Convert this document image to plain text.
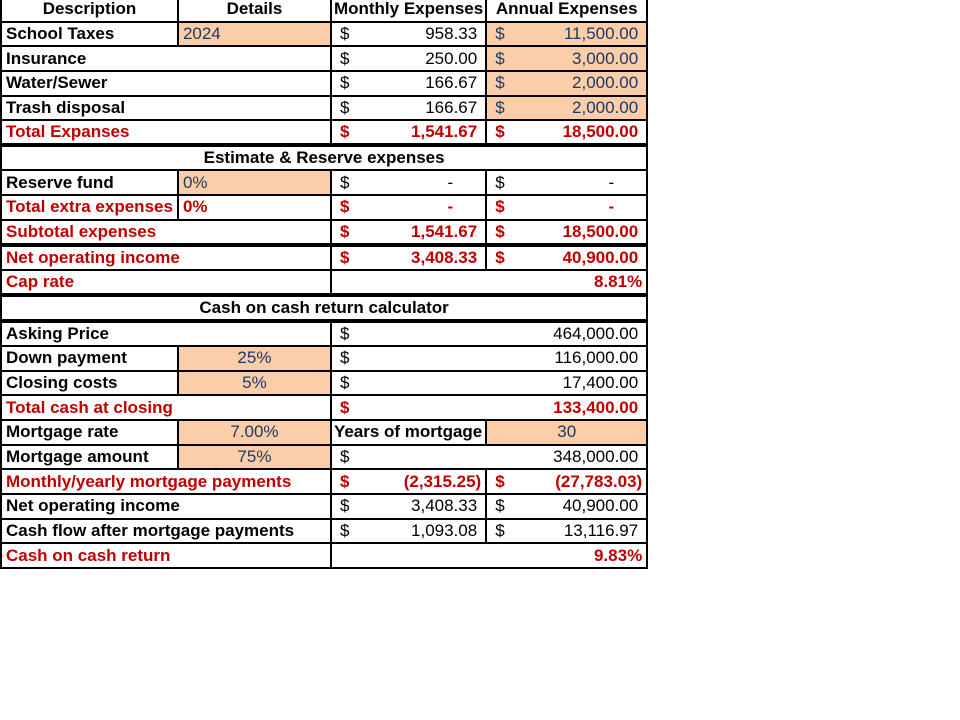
Description	Details	Monthly Expenses	Annual Expenses
School Taxes	2024	$ 958.33	$ 11,500.00

Insurance		$ 250.00	$ 3,000.00

Water/Sewer		$ 166.67	$ 2,000.00

Trash disposal		$ 166.67	$ 2,000.00

Total Expanses		$ 1,541.67	$ 18,500.00

Estimate & Reserve expenses			
Reserve fund	0%	$ -	$ -

Total extra expenses	0%	$ -	$ -

Subtotal expenses		$ 1,541.67	$ 18,500.00

Net operating income		$ 3,408.33	$ 40,900.00

Cap rate		8.81%	
Cash on cash return calculator			
Asking Price		$ 464,000.00	

Down payment	25%	$ 116,000.00	

Closing costs	5%	$ 17,400.00	

Total cash at closing		$ 133,400.00	

Mortgage rate	7.00%	Years of mortgage	30
Mortgage amount	75%	$ 348,000.00	

Monthly/yearly mortgage payments		$ (2,315.25)	$ (27,783.03)

Net operating income		$ 3,408.33	$ 40,900.00

Cash flow after mortgage payments		$ 1,093.08	$ 13,116.97

Cash on cash return		9.83%	
